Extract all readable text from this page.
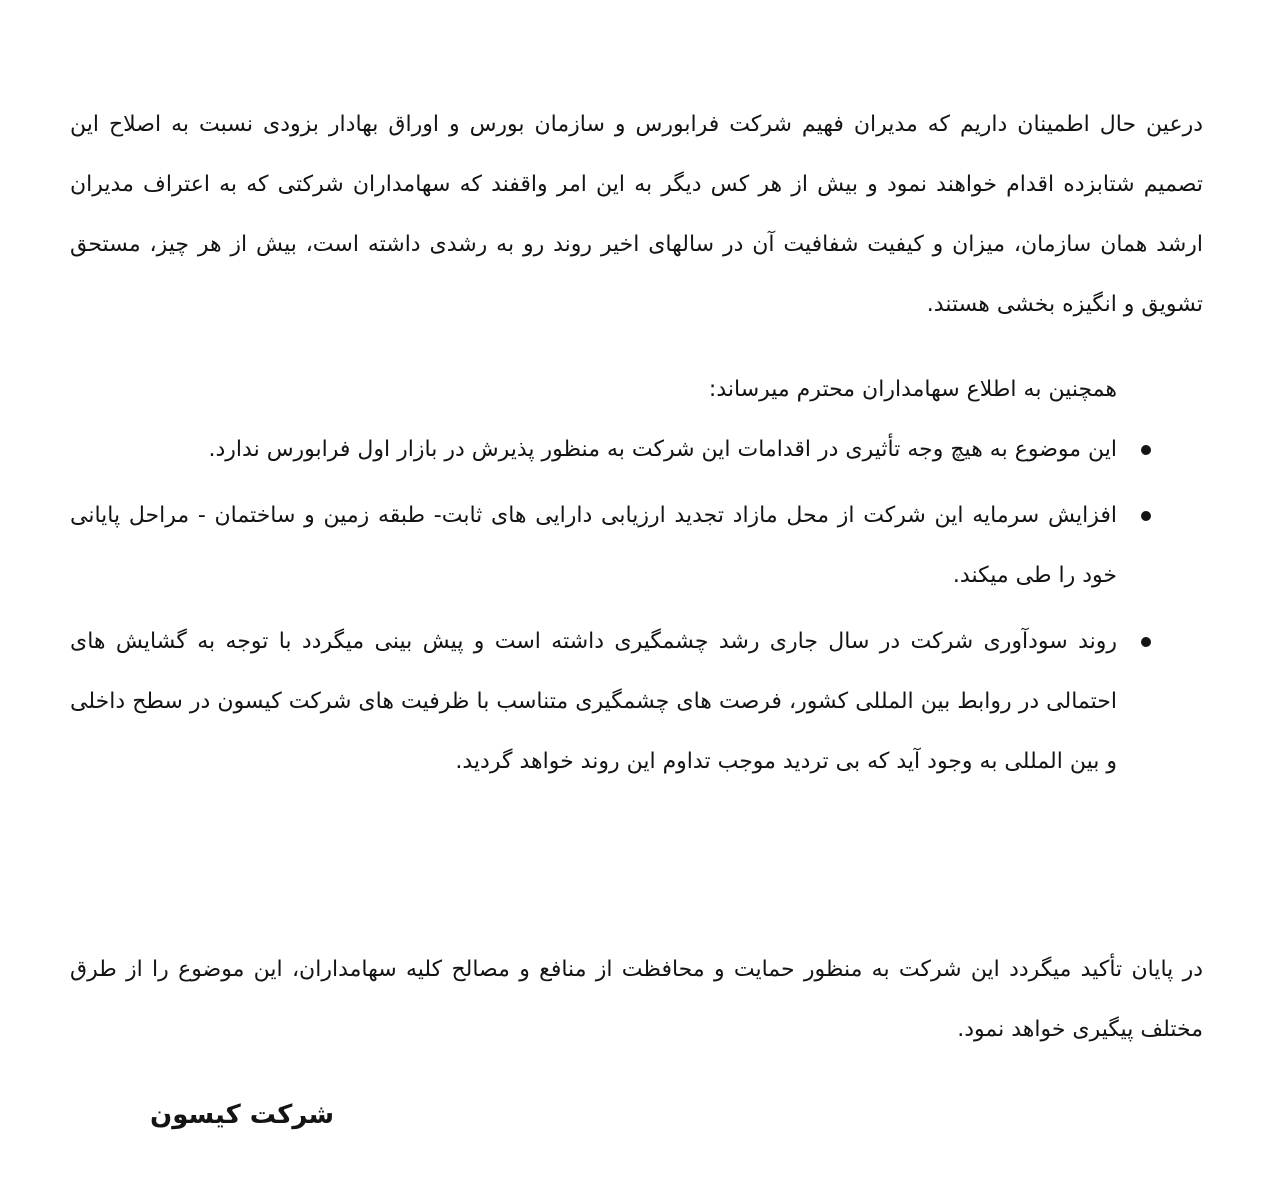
درعین حال اطمینان داریم که مدیران فهیم شرکت فرابورس و سازمان بورس و اوراق بهادار بزودی نسبت به اصلاح این تصمیم شتابزده اقدام خواهند نمود و بیش از هر کس دیگر به این امر واقفند که سهامداران شرکتی که به اعتراف مدیران ارشد همان سازمان، میزان و کیفیت شفافیت آن در سالهای اخیر روند رو به رشدی داشته است، بیش از هر چیز، مستحق تشویق و انگیزه بخشی هستند.

همچنین به اطلاع سهامداران محترم میرساند:

این موضوع به هیچ وجه تأثیری در اقدامات این شرکت به منظور پذیرش در بازار اول فرابورس ندارد.
افزایش سرمایه این شرکت از محل مازاد تجدید ارزیابی دارایی های ثابت- طبقه زمین و ساختمان - مراحل پایانی خود را طی میکند.
روند سودآوری شرکت در سال جاری رشد چشمگیری داشته است و پیش بینی میگردد با توجه به گشایش های احتمالی در روابط بین المللی کشور، فرصت های چشمگیری متناسب با ظرفیت های شرکت کیسون در سطح داخلی و بین المللی به وجود آید که بی تردید موجب تداوم این روند خواهد گردید.

در پایان تأکید میگردد این شرکت به منظور حمایت و محافظت از منافع و مصالح کلیه سهامداران، این موضوع را از طرق مختلف پیگیری خواهد نمود.

شرکت کیسون
